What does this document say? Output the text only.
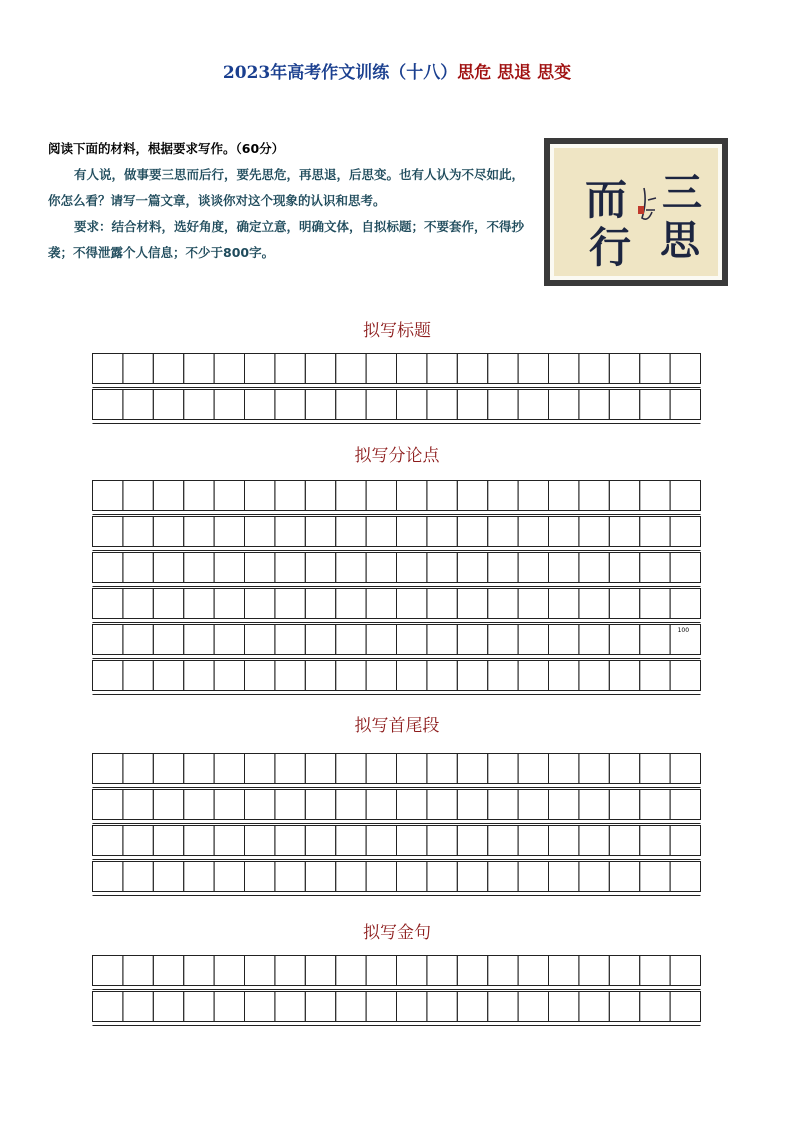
2023年高考作文训练（十八）思危 思退 思变
阅读下面的材料，根据要求写作。（60分）

有人说，做事要三思而后行，要先思危，再思退，后思变。也有人认为不尽如此，你怎么看？请写一篇文章，谈谈你对这个现象的认识和思考。

要求：结合材料，选好角度，确定立意，明确文体，自拟标题；不要套作，不得抄袭；不得泄露个人信息；不少于800字。

而
行
三
思
拟写标题
拟写分论点
100
拟写首尾段
拟写金句
